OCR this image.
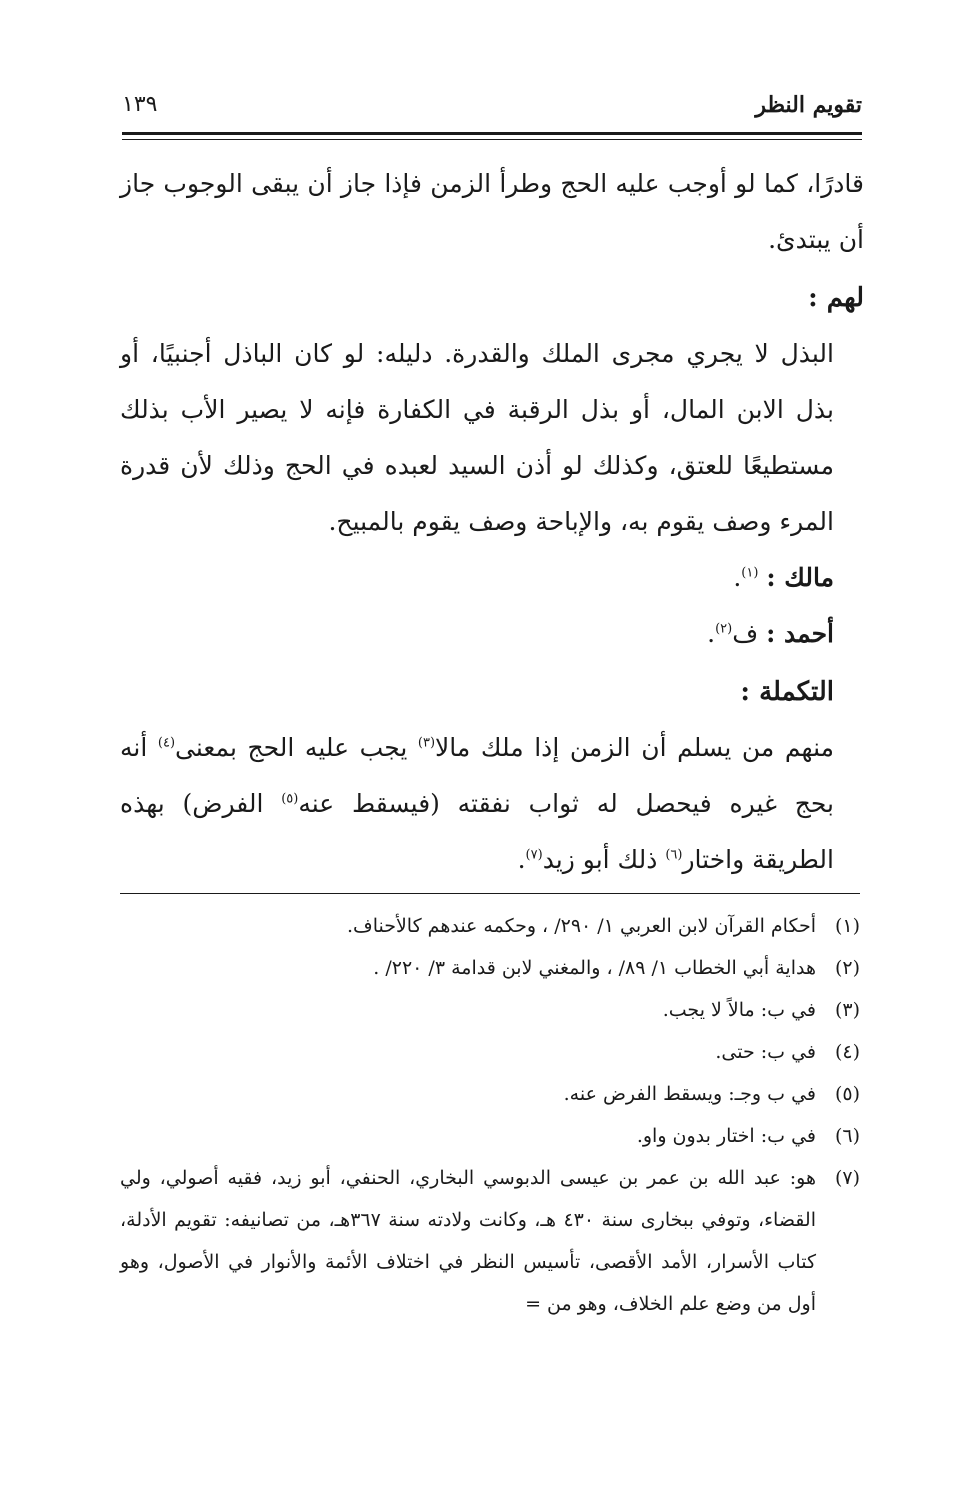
تقويم النظر
١٣٩

قادرًا، كما لو أوجب عليه الحج وطرأ الزمن فإذا جاز أن يبقى الوجوب جاز أن يبتدئ.

لهم :

البذل لا يجري مجرى الملك والقدرة. دليله: لو كان الباذل أجنبيًا، أو بذل الابن المال، أو بذل الرقبة في الكفارة فإنه لا يصير الأب بذلك مستطيعًا للعتق، وكذلك لو أذن السيد لعبده في الحج وذلك لأن قدرة المرء وصف يقوم به، والإباحة وصف يقوم بالمبيح.

مالك : $^{(١)}$.

أحمد : ف$^{(٢)}$.

التكملة :

منهم من يسلم أن الزمن إذا ملك مالا$^{(٣)}$ يجب عليه الحج بمعنى$^{(٤)}$ أنه بحج غيره فيحصل له ثواب نفقته (فيسقط عنه$^{(٥)}$ الفرض) بهذه الطريقة واختار$^{(٦)}$ ذلك أبو زيد$^{(٧)}$.

(١)
أحكام القرآن لابن العربي ١/ ٢٩٠/ ، وحكمه عندهم كالأحناف.
(٢)
هداية أبي الخطاب ١/ ٨٩/ ، والمغني لابن قدامة ٣/ ٢٢٠/ .
(٣)
في ب: مالاً لا يجب.
(٤)
في ب: حتى.
(٥)
في ب وجـ: ويسقط الفرض عنه.
(٦)
في ب: اختار بدون واو.
(٧)
هو: عبد الله بن عمر بن عيسى الدبوسي البخاري، الحنفي، أبو زيد، فقيه أصولي، ولي القضاء، وتوفي ببخارى سنة ٤٣٠ هـ، وكانت ولادته سنة ٣٦٧هـ، من تصانيفه: تقويم الأدلة، كتاب الأسرار، الأمد الأقصى، تأسيس النظر في اختلاف الأئمة والأنوار في الأصول، وهو أول من وضع علم الخلاف، وهو من =
